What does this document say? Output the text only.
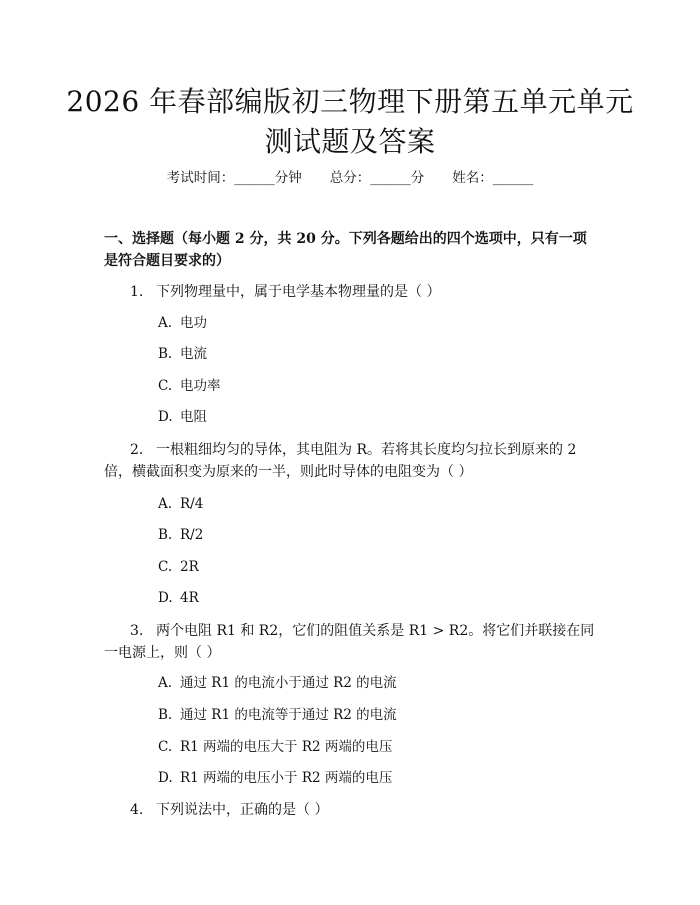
2026 年春部编版初三物理下册第五单元单元测试题及答案
考试时间：______分钟 总分：______分 姓名：______

一、选择题（每小题 2 分，共 20 分。下列各题给出的四个选项中，只有一项是符合题目要求的）

1. 下列物理量中，属于电学基本物理量的是（ ）

A. 电功
B. 电流
C. 电功率
D. 电阻

2. 一根粗细均匀的导体，其电阻为 R。若将其长度均匀拉长到原来的 2 倍，横截面积变为原来的一半，则此时导体的电阻变为（ ）

A. R/4
B. R/2
C. 2R
D. 4R

3. 两个电阻 R1 和 R2，它们的阻值关系是 R1 > R2。将它们并联接在同一电源上，则（ ）

A. 通过 R1 的电流小于通过 R2 的电流
B. 通过 R1 的电流等于通过 R2 的电流
C. R1 两端的电压大于 R2 两端的电压
D. R1 两端的电压小于 R2 两端的电压

4. 下列说法中，正确的是（ ）
